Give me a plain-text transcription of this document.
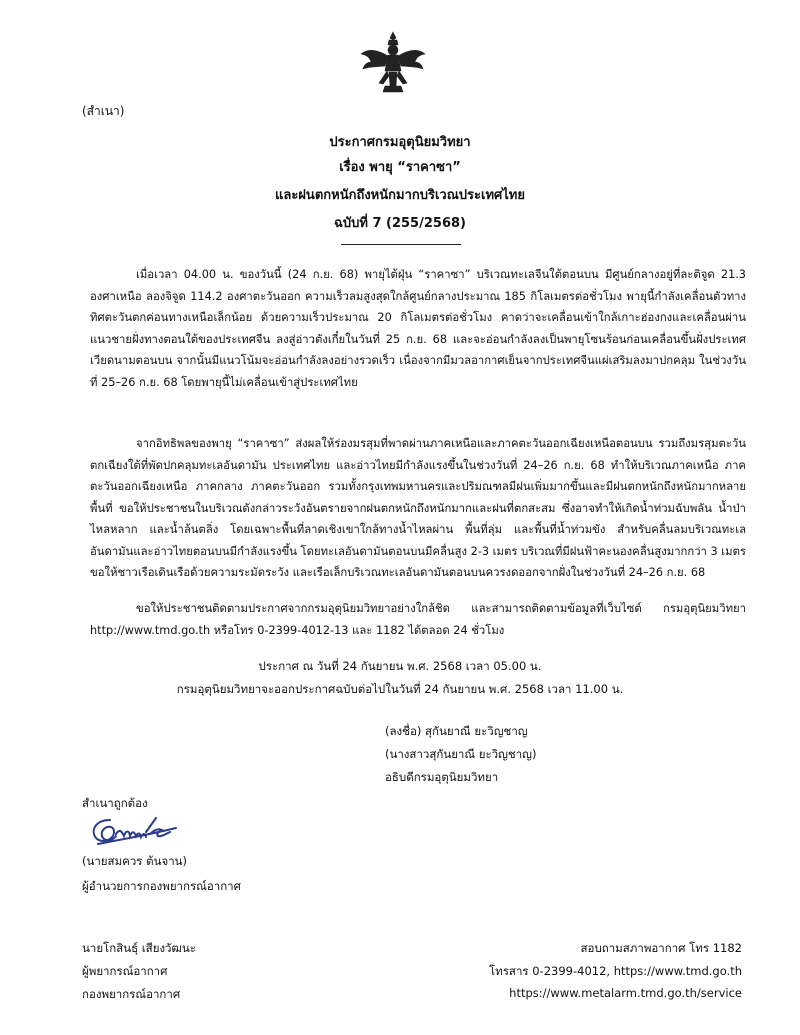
(สำเนา)
ประกาศกรมอุตุนิยมวิทยา
เรื่อง พายุ “ราคาซา”
และฝนตกหนักถึงหนักมากบริเวณประเทศไทย
ฉบับที่ 7 (255/2568)
เมื่อเวลา 04.00 น. ของวันนี้ (24 ก.ย. 68) พายุไต้ฝุ่น “ราคาซา” บริเวณทะเลจีนใต้ตอนบน มีศูนย์กลางอยู่ที่ละติจูด 21.3 องศาเหนือ ลองจิจูด 114.2 องศาตะวันออก ความเร็วลมสูงสุดใกล้ศูนย์กลางประมาณ 185 กิโลเมตรต่อชั่วโมง พายุนี้กำลังเคลื่อนตัวทางทิศตะวันตกค่อนทางเหนือเล็กน้อย ด้วยความเร็วประมาณ 20 กิโลเมตรต่อชั่วโมง คาดว่าจะเคลื่อนเข้าใกล้เกาะฮ่องกงและเคลื่อนผ่านแนวชายฝั่งทางตอนใต้ของประเทศจีน ลงสู่อ่าวตังเกี๋ยในวันที่ 25 ก.ย. 68 และจะอ่อนกำลังลงเป็นพายุโซนร้อนก่อนเคลื่อนขึ้นฝั่งประเทศเวียดนามตอนบน จากนั้นมีแนวโน้มจะอ่อนกำลังลงอย่างรวดเร็ว เนื่องจากมีมวลอากาศเย็นจากประเทศจีนแผ่เสริมลงมาปกคลุม ในช่วงวันที่ 25–26 ก.ย. 68 โดยพายุนี้ไม่เคลื่อนเข้าสู่ประเทศไทย
จากอิทธิพลของพายุ “ราคาซา” ส่งผลให้ร่องมรสุมที่พาดผ่านภาคเหนือและภาคตะวันออกเฉียงเหนือตอนบน รวมถึงมรสุมตะวันตกเฉียงใต้ที่พัดปกคลุมทะเลอันดามัน ประเทศไทย และอ่าวไทยมีกำลังแรงขึ้นในช่วงวันที่ 24–26 ก.ย. 68 ทำให้บริเวณภาคเหนือ ภาคตะวันออกเฉียงเหนือ ภาคกลาง ภาคตะวันออก รวมทั้งกรุงเทพมหานครและปริมณฑลมีฝนเพิ่มมากขึ้นและมีฝนตกหนักถึงหนักมากหลายพื้นที่ ขอให้ประชาชนในบริเวณดังกล่าวระวังอันตรายจากฝนตกหนักถึงหนักมากและฝนที่ตกสะสม ซึ่งอาจทำให้เกิดน้ำท่วมฉับพลัน น้ำป่าไหลหลาก และน้ำล้นตลิ่ง โดยเฉพาะพื้นที่ลาดเชิงเขาใกล้ทางน้ำไหลผ่าน พื้นที่ลุ่ม และพื้นที่น้ำท่วมขัง สำหรับคลื่นลมบริเวณทะเลอันดามันและอ่าวไทยตอนบนมีกำลังแรงขึ้น โดยทะเลอันดามันตอนบนมีคลื่นสูง 2-3 เมตร บริเวณที่มีฝนฟ้าคะนองคลื่นสูงมากกว่า 3 เมตร ขอให้ชาวเรือเดินเรือด้วยความระมัดระวัง และเรือเล็กบริเวณทะเลอันดามันตอนบนควรงดออกจากฝั่งในช่วงวันที่ 24–26 ก.ย. 68
ขอให้ประชาชนติดตามประกาศจากกรมอุตุนิยมวิทยาอย่างใกล้ชิด และสามารถติดตามข้อมูลที่เว็บไซต์ กรมอุตุนิยมวิทยา http://www.tmd.go.th หรือโทร 0-2399-4012-13 และ 1182 ได้ตลอด 24 ชั่วโมง
ประกาศ ณ วันที่ 24 กันยายน พ.ศ. 2568 เวลา 05.00 น.
กรมอุตุนิยมวิทยาจะออกประกาศฉบับต่อไปในวันที่ 24 กันยายน พ.ศ. 2568 เวลา 11.00 น.
(ลงชื่อ) สุกันยาณี ยะวิญชาญ
(นางสาวสุกันยาณี ยะวิญชาญ)
อธิบดีกรมอุตุนิยมวิทยา
สำเนาถูกต้อง
(นายสมควร ต้นจาน)
ผู้อำนวยการกองพยากรณ์อากาศ
นายโกสินธุ์ เสียงวัฒนะ
ผู้พยากรณ์อากาศ
กองพยากรณ์อากาศ
สอบถามสภาพอากาศ โทร 1182
โทรสาร 0-2399-4012, https://www.tmd.go.th
https://www.metalarm.tmd.go.th/service
